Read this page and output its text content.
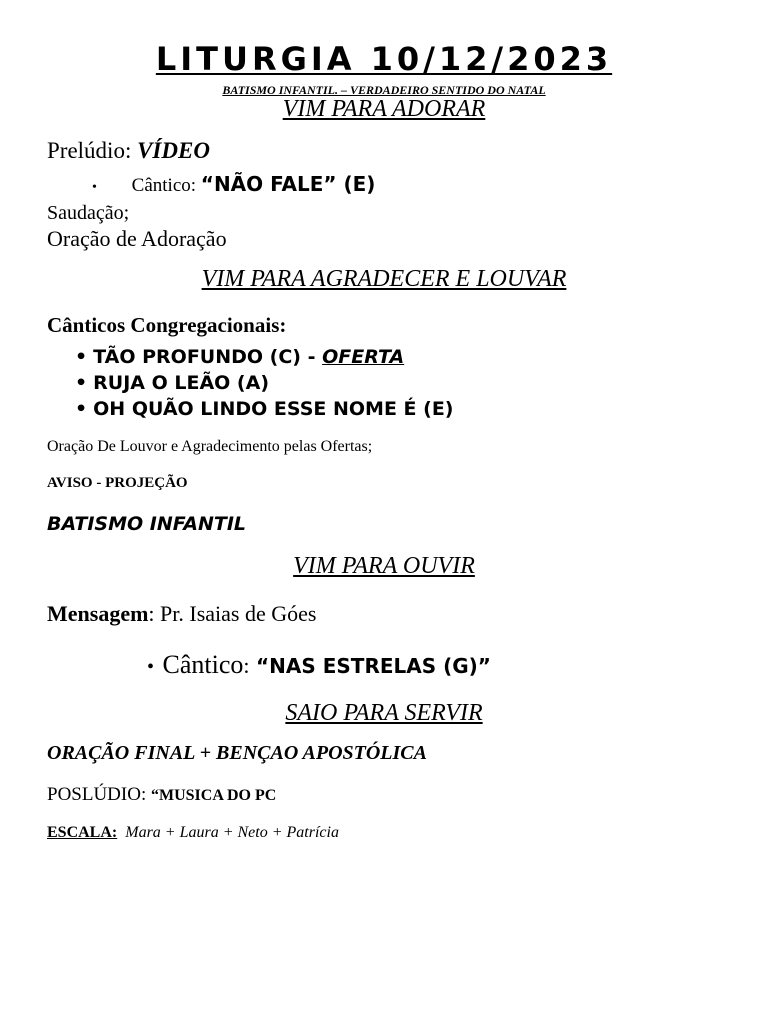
LITURGIA 10/12/2023
BATISMO INFANTIL. – VERDADEIRO SENTIDO DO NATAL
VIM PARA ADORAR
Prelúdio: VÍDEO
• Cântico: “NÃO FALE” (E)
Saudação;
Oração de Adoração
VIM PARA AGRADECER E LOUVAR
Cânticos Congregacionais:
• TÃO PROFUNDO (C) - OFERTA
• RUJA O LEÃO (A)
• OH QUÃO LINDO ESSE NOME É (E)
Oração De Louvor e Agradecimento pelas Ofertas;
AVISO - PROJEÇÃO
BATISMO INFANTIL
VIM PARA OUVIR
Mensagem: Pr. Isaias de Góes
• Cântico: “NAS ESTRELAS (G)”
SAIO PARA SERVIR
ORAÇÃO FINAL + BENÇAO APOSTÓLICA
POSLÚDIO: “MUSICA DO PC
ESCALA: Mara + Laura + Neto + Patrícia
